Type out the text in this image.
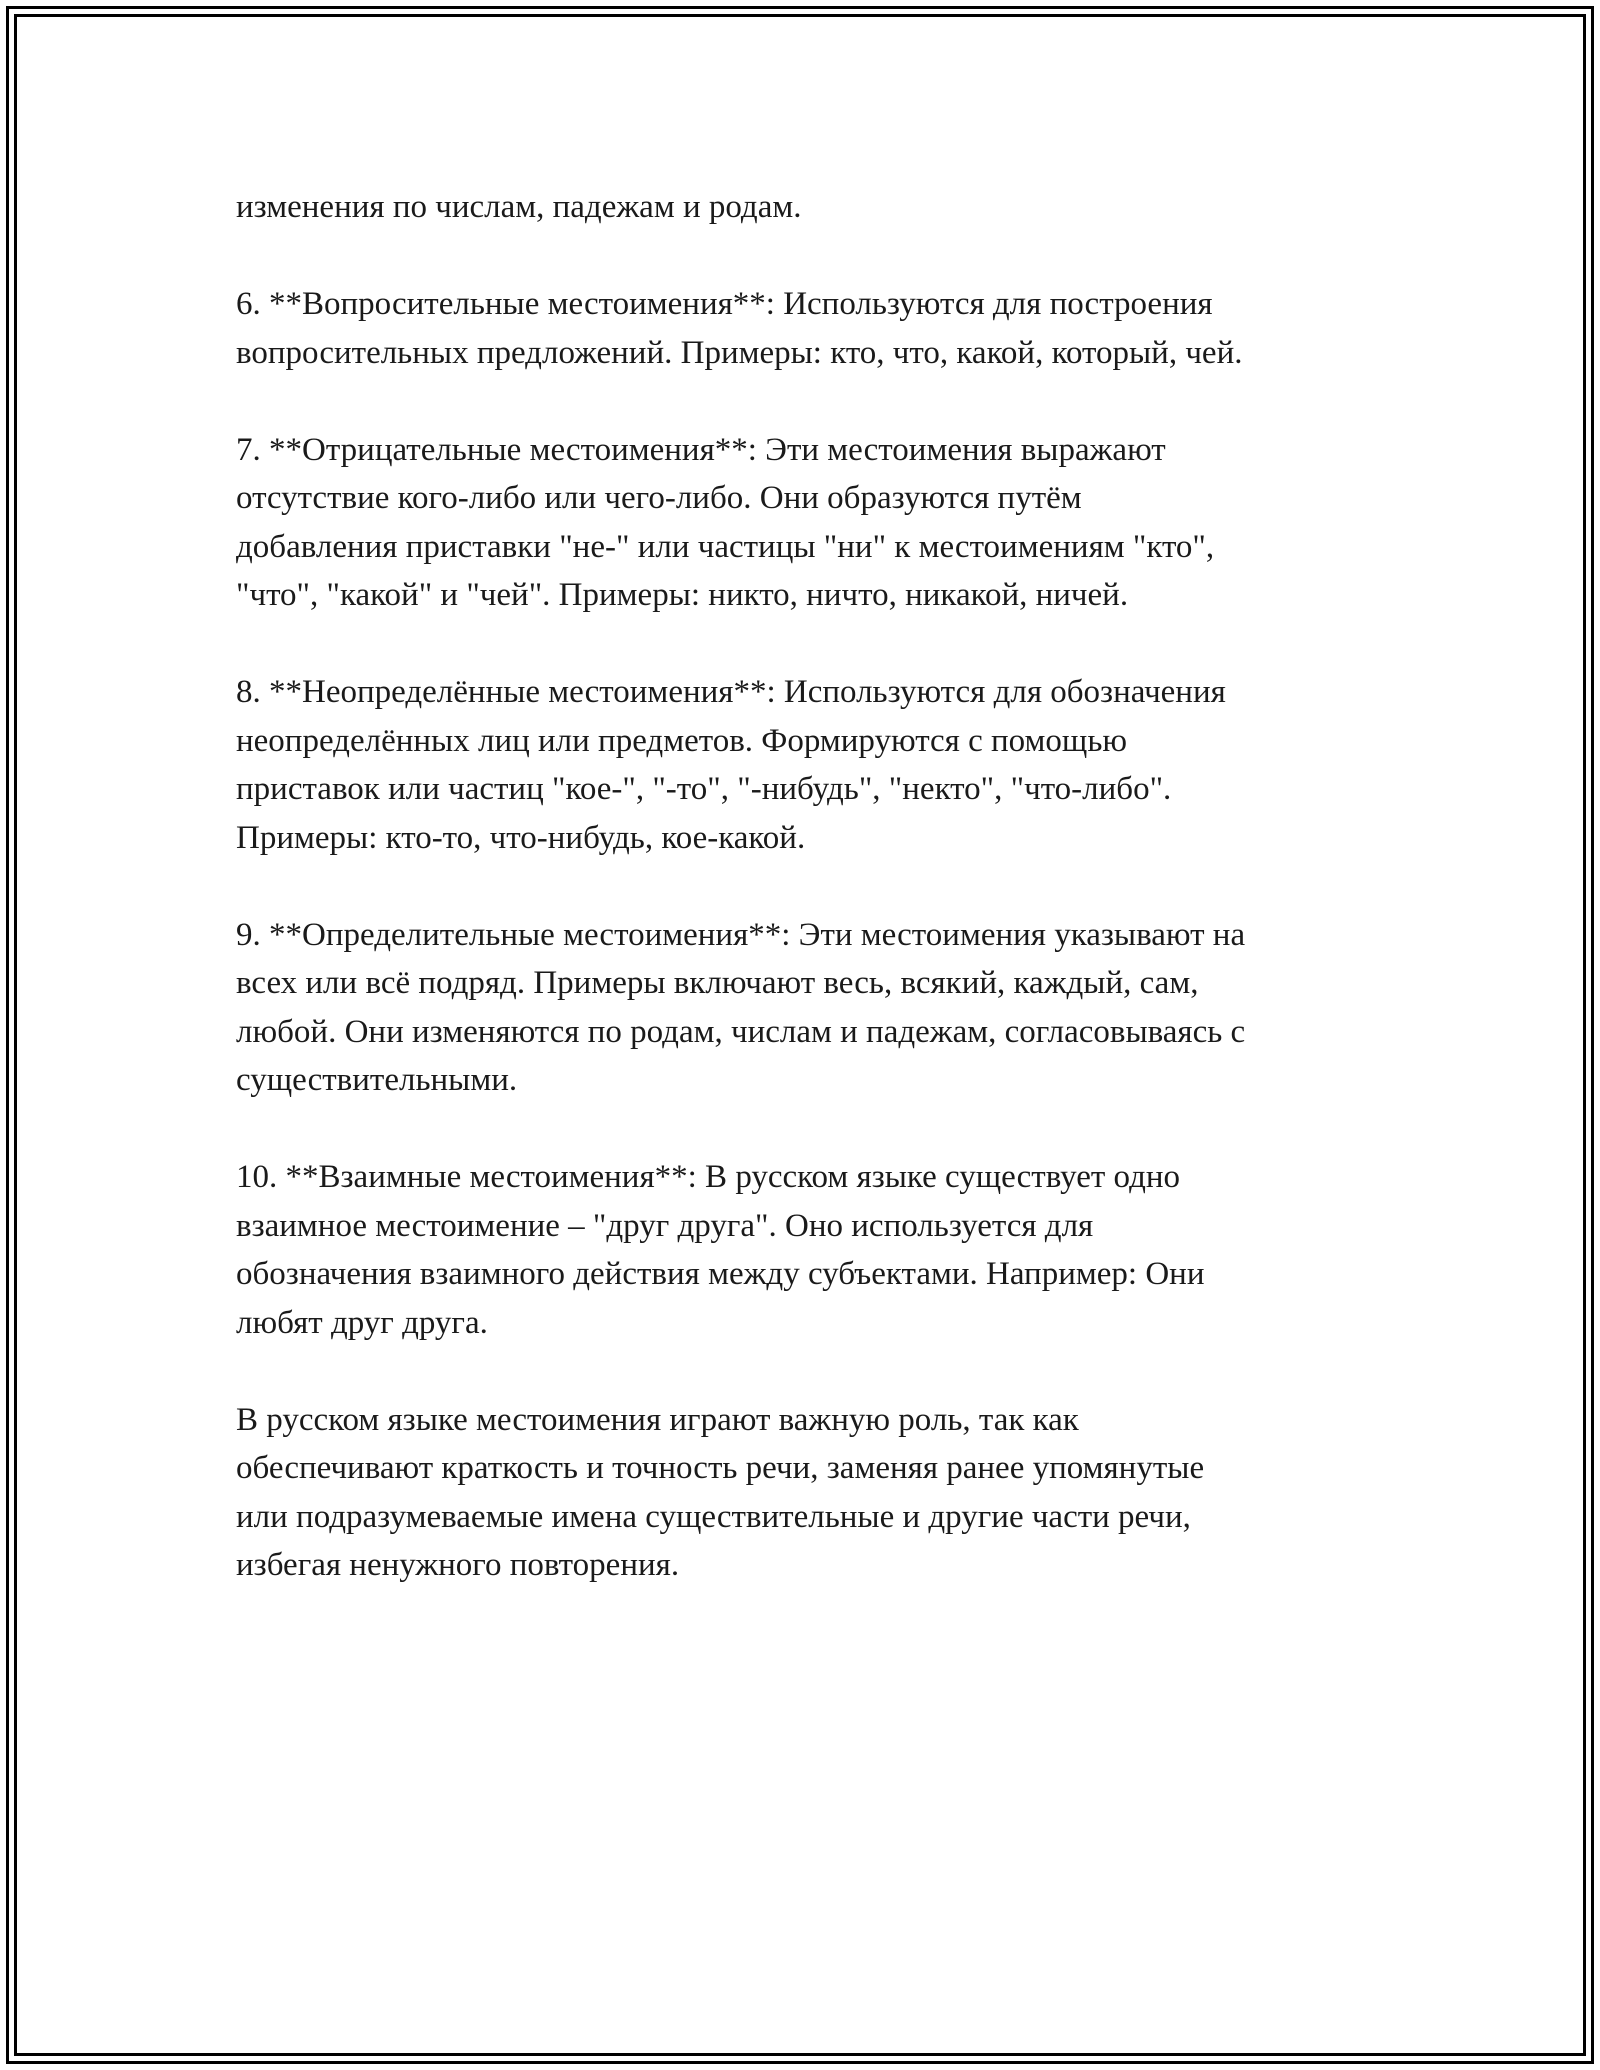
изменения по числам, падежам и родам.

6. **Вопросительные местоимения**: Используются для построения
вопросительных предложений. Примеры: кто, что, какой, который, чей.

7. **Отрицательные местоимения**: Эти местоимения выражают
отсутствие кого-либо или чего-либо. Они образуются путём
добавления приставки "не-" или частицы "ни" к местоимениям "кто",
"что", "какой" и "чей". Примеры: никто, ничто, никакой, ничей.

8. **Неопределённые местоимения**: Используются для обозначения
неопределённых лиц или предметов. Формируются с помощью
приставок или частиц "кое-", "-то", "-нибудь", "некто", "что-либо".
Примеры: кто-то, что-нибудь, кое-какой.

9. **Определительные местоимения**: Эти местоимения указывают на
всех или всё подряд. Примеры включают весь, всякий, каждый, сам,
любой. Они изменяются по родам, числам и падежам, согласовываясь с
существительными.

10. **Взаимные местоимения**: В русском языке существует одно
взаимное местоимение – "друг друга". Оно используется для
обозначения взаимного действия между субъектами. Например: Они
любят друг друга.

В русском языке местоимения играют важную роль, так как
обеспечивают краткость и точность речи, заменяя ранее упомянутые
или подразумеваемые имена существительные и другие части речи,
избегая ненужного повторения.
